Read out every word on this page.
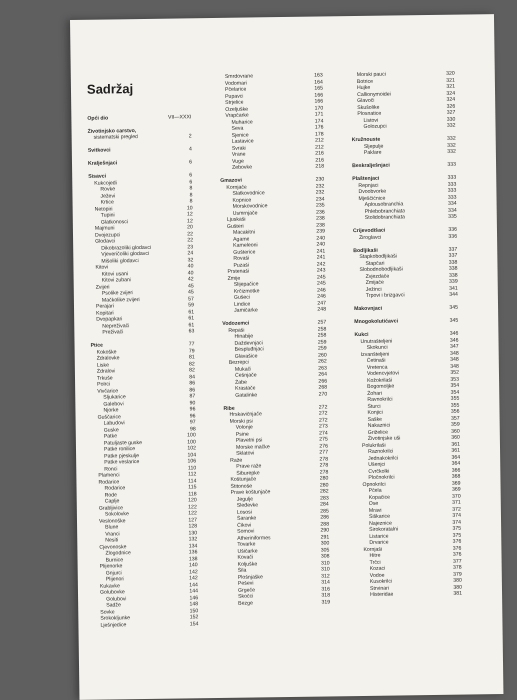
Sadržaj
Opći dio	VII—XXXI
Životinjsko carstvo,
sistematski pregled	2
Svitkovci	4
Kralješnjaci	6
Sisavci	6
Kukcojedi	6
Rovke	8
Ježevi	8
Krtice	8
Netopiri	10
Tupini	12
Glatkonosci	12
Majmuni	20
Dvojezupci	22
Glodavci	22
Dikobrazoliki glodavci	23
Vjeveričoliki glodavci	24
Mišoliki glodavci	32
Kitovi	40
Kitovi usani	40
Kitovi zubani	42
Zvijeri	45
Psolike zvijeri	45
Mačkolike zvijeri	57
Perajari	59
Kopitari	61
Dvopapkari	61
Nepreživači	61
Preživači	63
Ptice	77
Kokoške	79
Ždralovke	81
Liske	82
Ždralovi	82
Trkuše	84
Polrci	86
Vivčarice	86
Šljukarice	87
Galebovi	90
Njorke	96
Guščarice	96
Labudovi	97
Guske	98
Patke	100
Patuljaste guske	100
Patke ronilice	102
Patke pjeskulje	104
Patke veslarice	106
Ronci	110
Plamenci	112
Rodarice	114
Rodarice	115
Rode	118
Čaplje	120
Grabljivice	122
Sokolovke	122
Veslonoške	127
Blune	128
Vranci	130
Nesiti	132
Cjevonoske	134
Zlogodnice	136
Burnice	138
Plijenorke	140
Gnjurci	142
Plijenori	142
Kukavke	144
Golubovke	144
Golubovi	146
Sadže	148
Sovke	150
Šrokokljunke	152
Lješnjedice	154
Smrdovrane	163
Vodomari	164
Pčelarice	165
Pupavci	166
Strjelice	166
Ozeljuške	170
Vrapčarke	171
Muharice	174
Seva	176
Sjenice	178
Lastavice	212
Svraki	212
Vrane	216
Vuge	216
Zebovke	218
Gmazovi	230
Kornjače	232
Slatkovodnice	232
Kopnice	234
Morskovodnice	235
Usmrnjače	236
Ljuskaši	238
Gušteri	238
Macakitni	239
Agame	240
Kameleoni	240
Gušterice	241
Rovaši	241
Puzaši	242
Prstenaši	243
Zmije	245
Slijepačice	245
Krčizmotke	246
Gušeci	246
Lindice	247
Jamičarke	248
Vodozemci	257
Repaši	258
Hinabije	258
Daždevnjaci	259
Bespluđnjaci	259
Glavašice	260
Bezrepci	262
Mukači	263
Češnjače	264
Žabe	266
Krastače	268
Gatalinke	270
Ribe	272
Hrskavičnjače	272
Morski psi	272
Volonje	273
Psine	274
Plavetni psi	275
Morske mačke	276
Sklatovi	277
Raže	278
Prave raže	278
Šiburepke	278
Koštunjače	280
Štitonoše	280
Prave koštunjače	282
Jegulje	283
Sleđevke	284
Lososi	285
Šaranke	286
Čikovi	288
Somovi	290
Atheriniformes	291
Tovarke	300
Ušičarke	305
Kovači	308
Koljuške	310
Šila	310
Plošnjaške	312
Peševi	314
Grgeče	316
Skočci	318
Bezge	319
Morski pauci	320
Botrice	321
Hujke	321
Callionymoidei	324
Glavoči	324
Skušolike	326
Plosnatice	327
Listovi	330
Golozupci	332
Kružnouste	332
Sljepulje	332
Paklare	332
Beskralješnjaci	333
Plaštenjaci	333
Repnjaci	333
Dvoobvorke	333
Mješčićnice	333
Aplousobranchia	334
Phlebobranchiata	334
Stolidobranchiata	335
Crijevodišaci	336
Žiroglavci	336
Bodljikaši	337
Stapkobodljikaši	337
Stapčari	338
Slobodnobodljikaši	338
Zvjezdače	338
Zmijače	339
Ježinci	341
Trpovi i brizgavci	344
Makovnjaci	345
Mnogokolutićavci	345
Kukci	346
Unutrašteljeni	346
Skokunci	347
Izvanšteljeni	348
Četinaši	348
Vretenca	348
Vodencvjetovi	352
Kožokrilaši	353
Bogomoljke	354
Žohari	354
Ravnokrilci	355
Šturci	355
Konjici	356
Saške	357
Nakaznici	359
Griželice	360
Životinjske uši	360
Polukrilaši	361
Raznokrilci	361
Jednakokrilci	364
Ušenjci	364
Cvrčkolki	366
Pločnokrilci	368
Opnokrilci	369
Pčela	369
Kopačice	370
Ose	371
Mravi	372
Šiškarice	374
Najeznice	374
Širokoratalni	375
Listarice	375
Drvarice	376
Kornjaši	376
Hitre	376
Trčci	377
Kozaci	378
Vodoe	379
Kusokrilci	380
Strvinari	380
Histeridae	381
